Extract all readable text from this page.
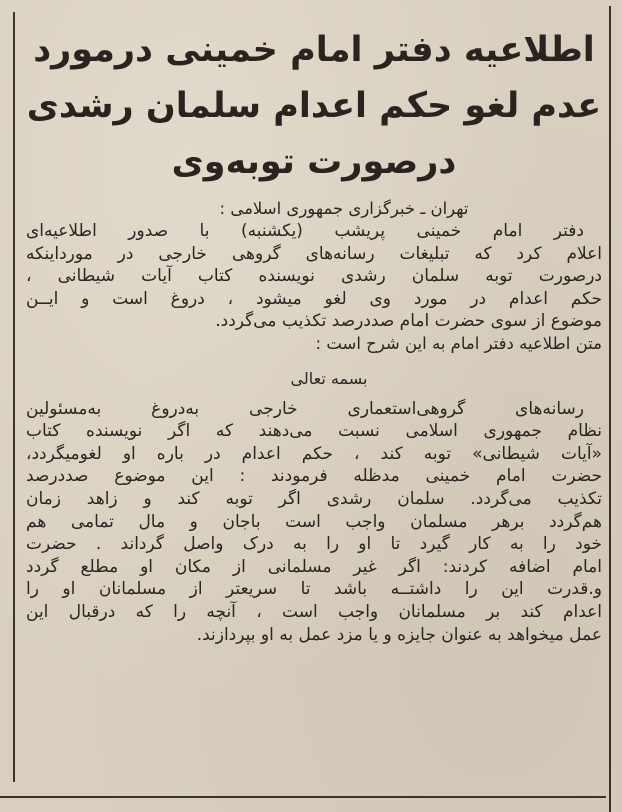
اطلاعیه دفتر امام خمینی درمورد
عدم لغو حکم اعدام سلمان رشدی
درصورت توبه‌وی
تهران ـ خبرگزاری جمهوری اسلامی :
دفتر امام خمینی پریشب (یکشنبه) با صدور اطلاعیه‌ای
اعلام کرد که تبلیغات رسانه‌های گروهی خارجی در مورداینکه
درصورت توبه سلمان رشدی نویسنده کتاب آیات شیطانی ،
حکم اعدام در مورد وی لغو میشود ، دروغ است و ایــن
موضوع از سوی حضرت امام صددرصد تکذیب می‌گردد.
متن اطلاعیه دفتر امام به این شرح است :
بسمه تعالی
رسانه‌های گروهی‌استعماری خارجی به‌دروغ به‌مسئولین
نظام جمهوری اسلامی نسبت می‌دهند که اگر نویسنده کتاب
«آیات شیطانی» توبه کند ، حکم اعدام در باره او لغومیگردد،
حضرت امام خمینی مدظله فرمودند : این موضوع صددرصد
تکذیب می‌گردد. سلمان رشدی اگر توبه کند و زاهد زمان
هم‌گردد برهر مسلمان واجب است باجان و مال تمامی هم
خود را به کار گیرد تا او را به درک واصل گرداند . حضرت
امام اضافه کردند: اگر غیر مسلمانی از مکان او مطلع گردد
و.قدرت این را داشتــه باشد تا سریعتر از مسلمانان او را
اعدام کند بر مسلمانان واجب است ، آنچه را که درقبال این
عمل میخواهد به عنوان جایزه و یا مزد عمل به او بپردازند.
